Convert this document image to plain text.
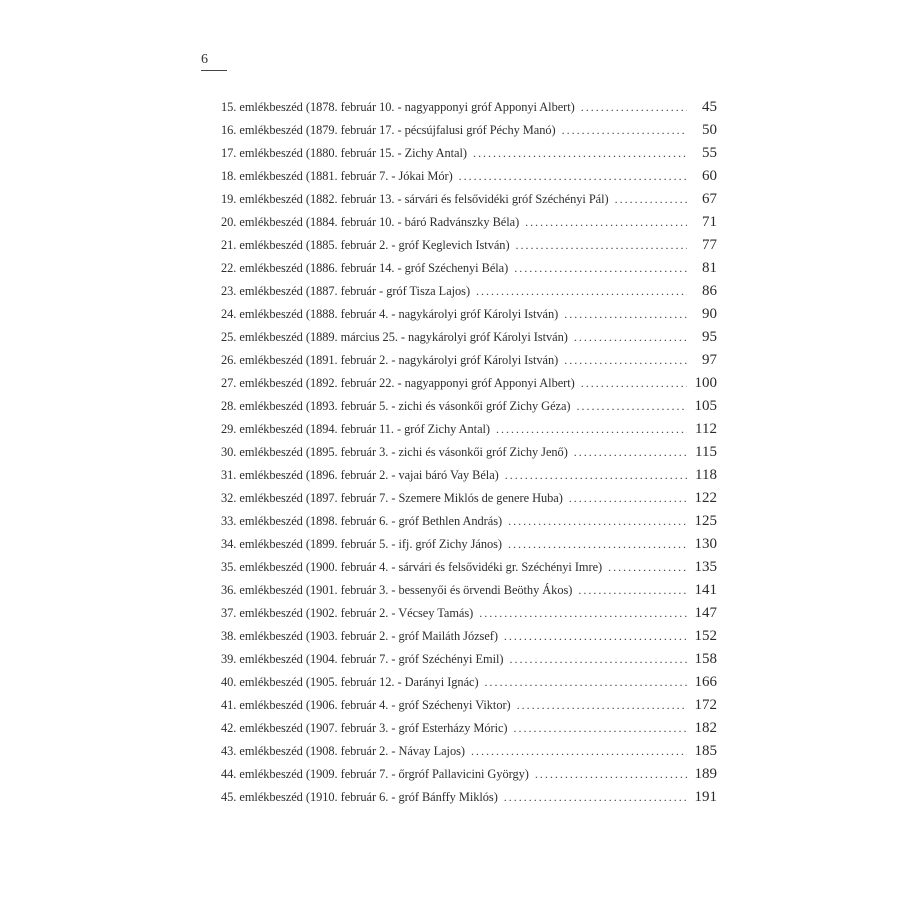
6
15. emlékbeszéd (1878. február 10. - nagyapponyi gróf Apponyi Albert) . . .	45
16. emlékbeszéd (1879. február 17. - pécsújfalusi gróf Péchy Manó) . . .	50
17. emlékbeszéd (1880. február 15. - Zichy Antal) . . .	55
18. emlékbeszéd (1881. február 7. - Jókai Mór) . . .	60
19. emlékbeszéd (1882. február 13. - sárvári és felsővidéki gróf Széchényi Pál) . . .	67
20. emlékbeszéd (1884. február 10. - báró Radvánszky Béla) . . .	71
21. emlékbeszéd (1885. február 2. - gróf Keglevich István) . . .	77
22. emlékbeszéd (1886. február 14. - gróf Széchenyi Béla) . . .	81
23. emlékbeszéd (1887. február - gróf Tisza Lajos) . . .	86
24. emlékbeszéd (1888. február 4. - nagykárolyi gróf Károlyi István) . . .	90
25. emlékbeszéd (1889. március 25. - nagykárolyi gróf Károlyi István) . . .	95
26. emlékbeszéd (1891. február 2. - nagykárolyi gróf Károlyi István) . . .	97
27. emlékbeszéd (1892. február 22. - nagyapponyi gróf Apponyi Albert) . . .	100
28. emlékbeszéd (1893. február 5. - zichi és vásonkői gróf Zichy Géza) . . .	105
29. emlékbeszéd (1894. február 11. - gróf Zichy Antal) . . .	112
30. emlékbeszéd (1895. február 3. - zichi és vásonkői gróf Zichy Jenő) . . .	115
31. emlékbeszéd (1896. február 2. - vajai báró Vay Béla) . . .	118
32. emlékbeszéd (1897. február 7. - Szemere Miklós de genere Huba) . . .	122
33. emlékbeszéd (1898. február 6. - gróf Bethlen András) . . .	125
34. emlékbeszéd (1899. február 5. - ifj. gróf Zichy János) . . .	130
35. emlékbeszéd (1900. február 4. - sárvári és felsővidéki gr. Széchényi Imre) . . .	135
36. emlékbeszéd (1901. február 3. - bessenyői és örvendi Beöthy Ákos) . . .	141
37. emlékbeszéd (1902. február 2. - Vécsey Tamás) . . .	147
38. emlékbeszéd (1903. február 2. - gróf Mailáth József) . . .	152
39. emlékbeszéd (1904. február 7. - gróf Széchényi Emil) . . .	158
40. emlékbeszéd (1905. február 12. - Darányi Ignác) . . .	166
41. emlékbeszéd (1906. február 4. - gróf Széchenyi Viktor) . . .	172
42. emlékbeszéd (1907. február 3. - gróf Esterházy Móric) . . .	182
43. emlékbeszéd (1908. február 2. - Návay Lajos) . . .	185
44. emlékbeszéd (1909. február 7. - őrgróf Pallavicini György) . . .	189
45. emlékbeszéd (1910. február 6. - gróf Bánffy Miklós) . . .	191
